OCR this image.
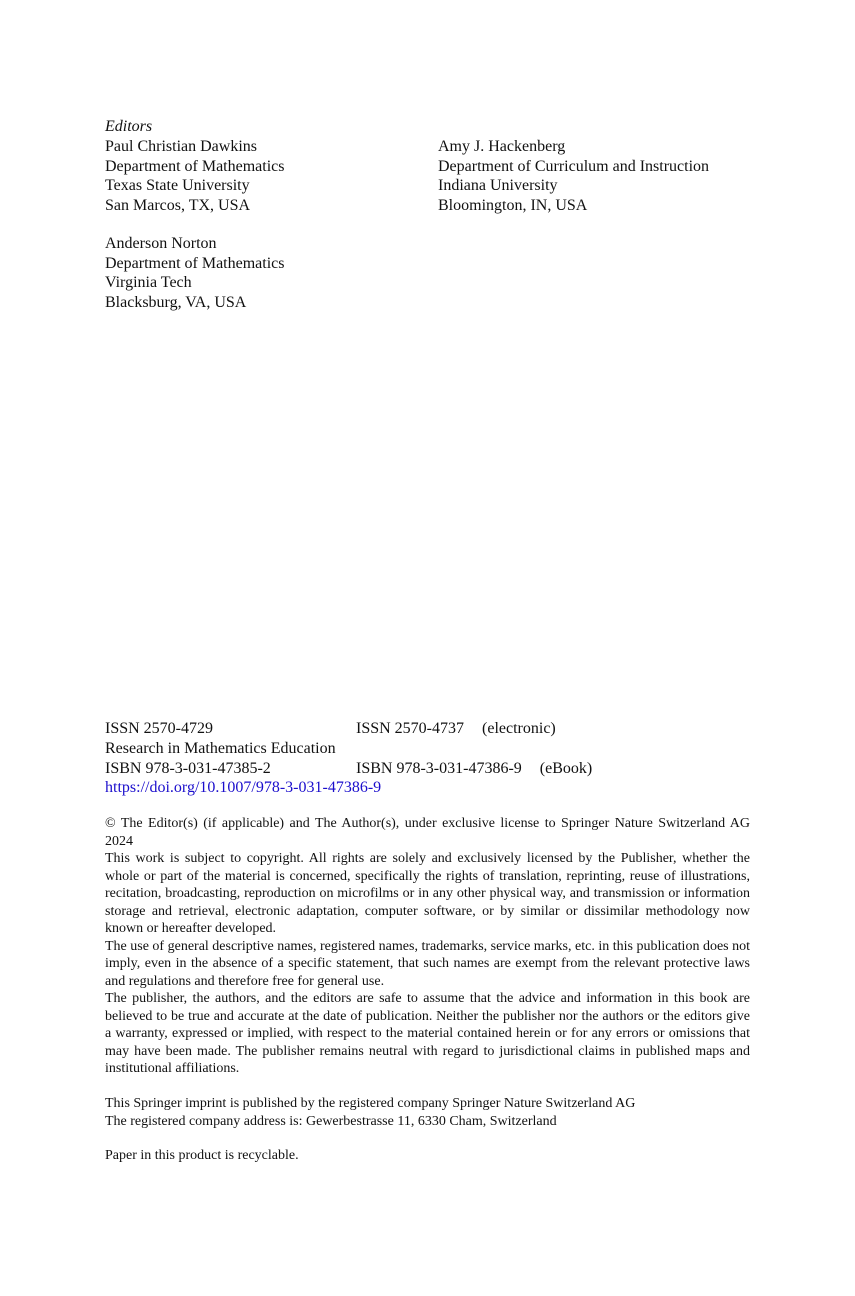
Editors
Paul Christian Dawkins
Department of Mathematics
Texas State University
San Marcos, TX, USA
Amy J. Hackenberg
Department of Curriculum and Instruction
Indiana University
Bloomington, IN, USA
Anderson Norton
Department of Mathematics
Virginia Tech
Blacksburg, VA, USA
ISSN 2570-4729	ISSN 2570-4737 (electronic)
Research in Mathematics Education
ISBN 978-3-031-47385-2	ISBN 978-3-031-47386-9 (eBook)
https://doi.org/10.1007/978-3-031-47386-9

© The Editor(s) (if applicable) and The Author(s), under exclusive license to Springer Nature Switzerland AG 2024

This work is subject to copyright. All rights are solely and exclusively licensed by the Publisher, whether the whole or part of the material is concerned, specifically the rights of translation, reprinting, reuse of illustrations, recitation, broadcasting, reproduction on microfilms or in any other physical way, and transmission or information storage and retrieval, electronic adaptation, computer software, or by similar or dissimilar methodology now known or hereafter developed.

The use of general descriptive names, registered names, trademarks, service marks, etc. in this publication does not imply, even in the absence of a specific statement, that such names are exempt from the relevant protective laws and regulations and therefore free for general use.

The publisher, the authors, and the editors are safe to assume that the advice and information in this book are believed to be true and accurate at the date of publication. Neither the publisher nor the authors or the editors give a warranty, expressed or implied, with respect to the material contained herein or for any errors or omissions that may have been made. The publisher remains neutral with regard to jurisdictional claims in published maps and institutional affiliations.

This Springer imprint is published by the registered company Springer Nature Switzerland AG

The registered company address is: Gewerbestrasse 11, 6330 Cham, Switzerland

Paper in this product is recyclable.
